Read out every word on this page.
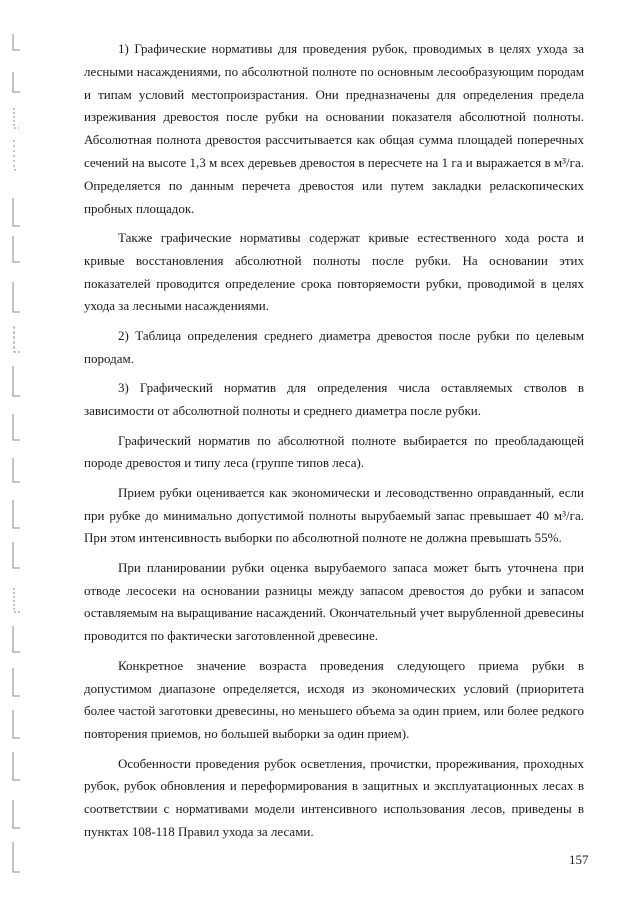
1) Графические нормативы для проведения рубок, проводимых в целях ухода за лесными насаждениями, по абсолютной полноте по основным лесообразующим породам и типам условий местопроизрастания. Они предназначены для определения предела изреживания древостоя после рубки на основании показателя абсолютной полноты. Абсолютная полнота древостоя рассчитывается как общая сумма площадей поперечных сечений на высоте 1,3 м всех деревьев древостоя в пересчете на 1 га и выражается в м³/га. Определяется по данным перечета древостоя или путем закладки реласкопических пробных площадок.

Также графические нормативы содержат кривые естественного хода роста и кривые восстановления абсолютной полноты после рубки. На основании этих показателей проводится определение срока повторяемости рубки, проводимой в целях ухода за лесными насаждениями.

2) Таблица определения среднего диаметра древостоя после рубки по целевым породам.

3) Графический норматив для определения числа оставляемых стволов в зависимости от абсолютной полноты и среднего диаметра после рубки.

Графический норматив по абсолютной полноте выбирается по преобладающей породе древостоя и типу леса (группе типов леса).

Прием рубки оценивается как экономически и лесоводственно оправданный, если при рубке до минимально допустимой полноты вырубаемый запас превышает 40 м³/га. При этом интенсивность выборки по абсолютной полноте не должна превышать 55%.

При планировании рубки оценка вырубаемого запаса может быть уточнена при отводе лесосеки на основании разницы между запасом древостоя до рубки и запасом оставляемым на выращивание насаждений. Окончательный учет вырубленной древесины проводится по фактически заготовленной древесине.

Конкретное значение возраста проведения следующего приема рубки в допустимом диапазоне определяется, исходя из экономических условий (приоритета более частой заготовки древесины, но меньшего объема за один прием, или более редкого повторения приемов, но большей выборки за один прием).

Особенности проведения рубок осветления, прочистки, прореживания, проходных рубок, рубок обновления и переформирования в защитных и эксплуатационных лесах в соответствии с нормативами модели интенсивного использования лесов, приведены в пунктах 108-118 Правил ухода за лесами.

157
